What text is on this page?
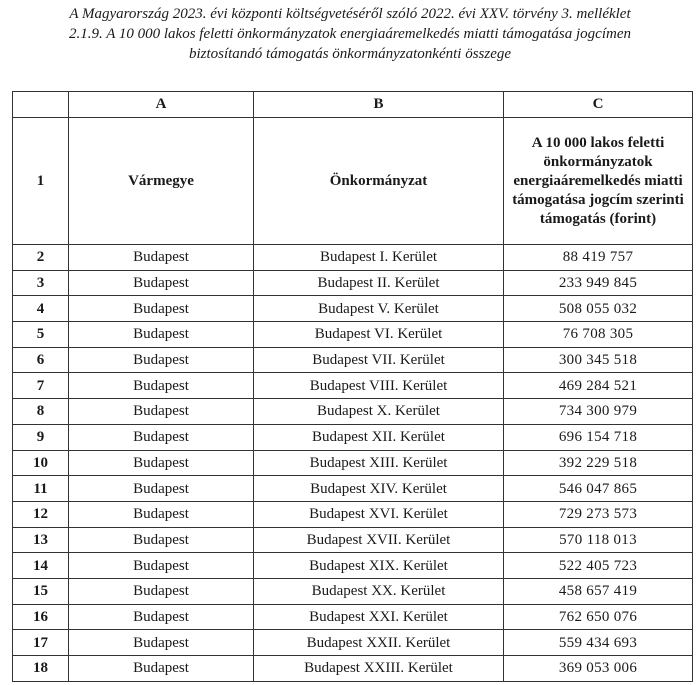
A Magyarország 2023. évi központi költségvetéséről szóló 2022. évi XXV. törvény 3. melléklet
2.1.9. A 10 000 lakos feletti önkormányzatok energiaáremelkedés miatti támogatása jogcímen
biztosítandó támogatás önkormányzatonkénti összege
	A	B	C
1	Vármegye	Önkormányzat	A 10 000 lakos feletti önkormányzatok energiaáremelkedés miatti támogatása jogcím szerinti támogatás (forint)
2	Budapest	Budapest I. Kerület	88 419 757
3	Budapest	Budapest II. Kerület	233 949 845
4	Budapest	Budapest V. Kerület	508 055 032
5	Budapest	Budapest VI. Kerület	76 708 305
6	Budapest	Budapest VII. Kerület	300 345 518
7	Budapest	Budapest VIII. Kerület	469 284 521
8	Budapest	Budapest X. Kerület	734 300 979
9	Budapest	Budapest XII. Kerület	696 154 718
10	Budapest	Budapest XIII. Kerület	392 229 518
11	Budapest	Budapest XIV. Kerület	546 047 865
12	Budapest	Budapest XVI. Kerület	729 273 573
13	Budapest	Budapest XVII. Kerület	570 118 013
14	Budapest	Budapest XIX. Kerület	522 405 723
15	Budapest	Budapest XX. Kerület	458 657 419
16	Budapest	Budapest XXI. Kerület	762 650 076
17	Budapest	Budapest XXII. Kerület	559 434 693
18	Budapest	Budapest XXIII. Kerület	369 053 006
